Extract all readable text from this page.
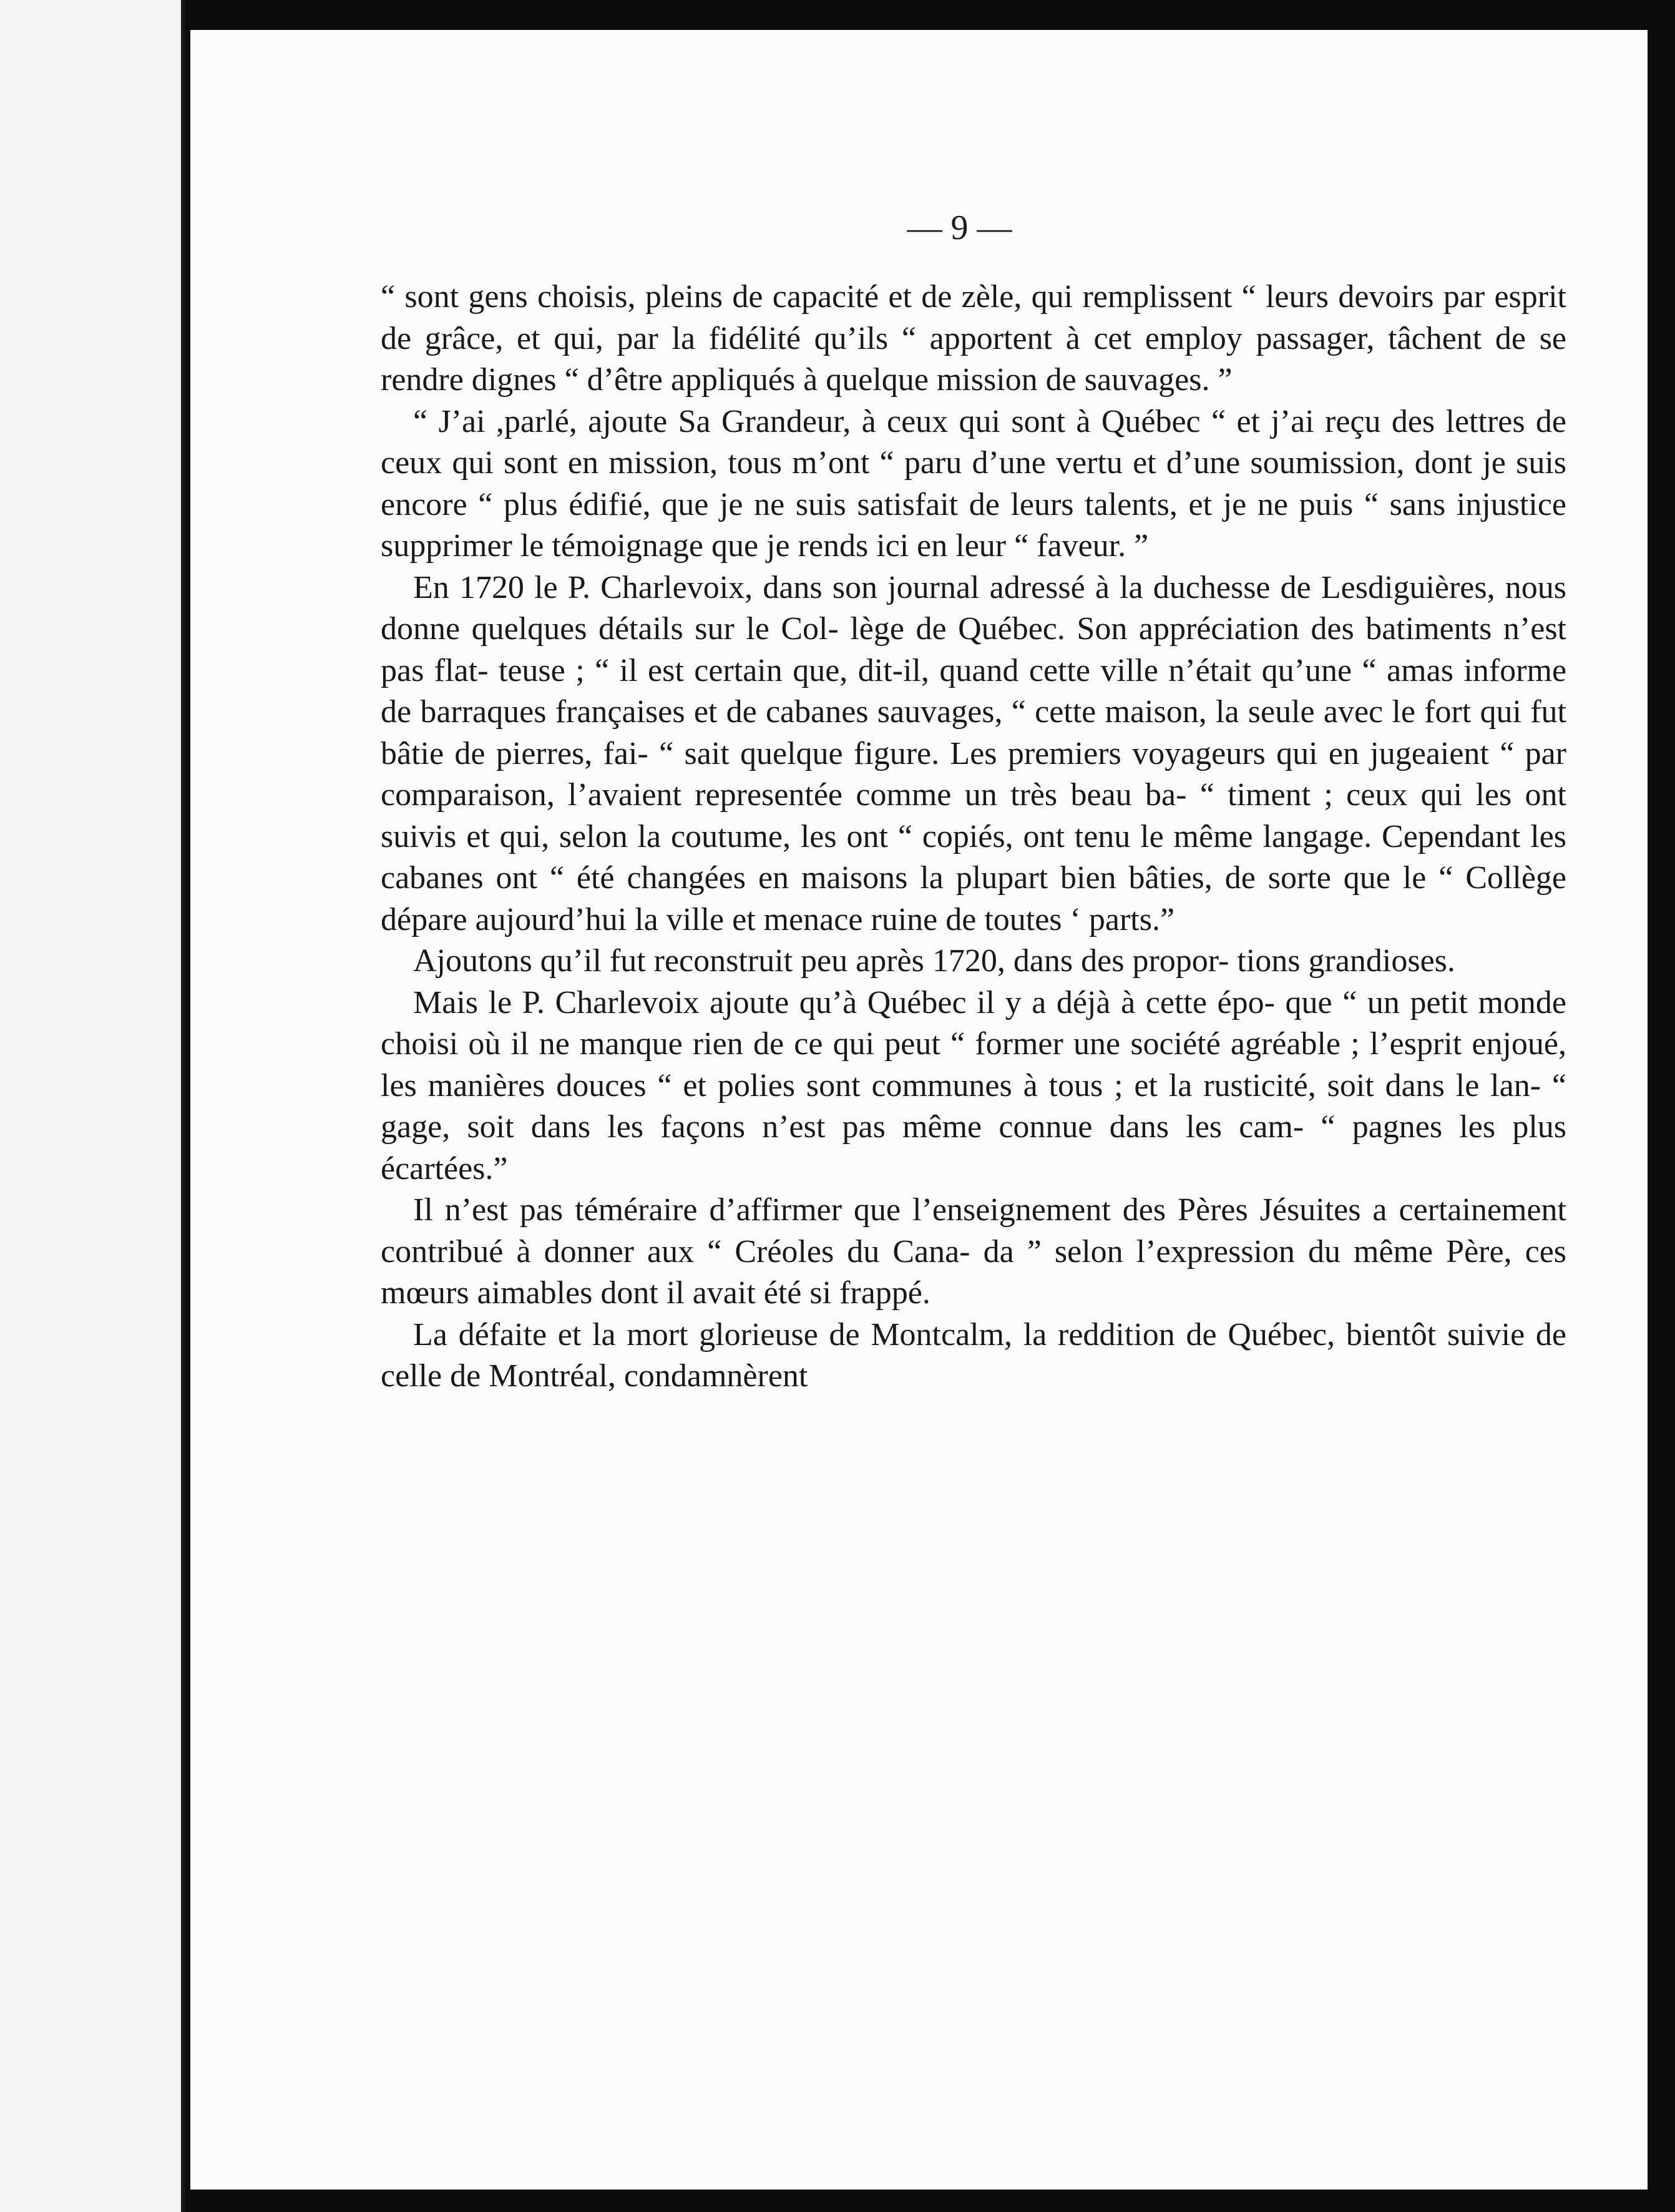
— 9 —

“ sont gens choisis, pleins de capacité et de zèle, qui remplissent “ leurs devoirs par esprit de grâce, et qui, par la fidélité qu’ils “ apportent à cet employ passager, tâchent de se rendre dignes “ d’être appliqués à quelque mission de sauvages. ”

“ J’ai ,parlé, ajoute Sa Grandeur, à ceux qui sont à Québec “ et j’ai reçu des lettres de ceux qui sont en mission, tous m’ont “ paru d’une vertu et d’une soumission, dont je suis encore “ plus édifié, que je ne suis satisfait de leurs talents, et je ne puis “ sans injustice supprimer le témoignage que je rends ici en leur “ faveur. ”

En 1720 le P. Charlevoix, dans son journal adressé à la duchesse de Lesdiguières, nous donne quelques détails sur le Col- lège de Québec. Son appréciation des batiments n’est pas flat- teuse ; “ il est certain que, dit-il, quand cette ville n’était qu’une “ amas informe de barraques françaises et de cabanes sauvages, “ cette maison, la seule avec le fort qui fut bâtie de pierres, fai- “ sait quelque figure. Les premiers voyageurs qui en jugeaient “ par comparaison, l’avaient representée comme un très beau ba- “ timent ; ceux qui les ont suivis et qui, selon la coutume, les ont “ copiés, ont tenu le même langage. Cependant les cabanes ont “ été changées en maisons la plupart bien bâties, de sorte que le “ Collège dépare aujourd’hui la ville et menace ruine de toutes ‘ parts.”

Ajoutons qu’il fut reconstruit peu après 1720, dans des propor- tions grandioses.

Mais le P. Charlevoix ajoute qu’à Québec il y a déjà à cette épo- que “ un petit monde choisi où il ne manque rien de ce qui peut “ former une société agréable ; l’esprit enjoué, les manières douces “ et polies sont communes à tous ; et la rusticité, soit dans le lan- “ gage, soit dans les façons n’est pas même connue dans les cam- “ pagnes les plus écartées.”

Il n’est pas téméraire d’affirmer que l’enseignement des Pères Jésuites a certainement contribué à donner aux “ Créoles du Cana- da ” selon l’expression du même Père, ces mœurs aimables dont il avait été si frappé.

La défaite et la mort glorieuse de Montcalm, la reddition de Québec, bientôt suivie de celle de Montréal, condamnèrent
